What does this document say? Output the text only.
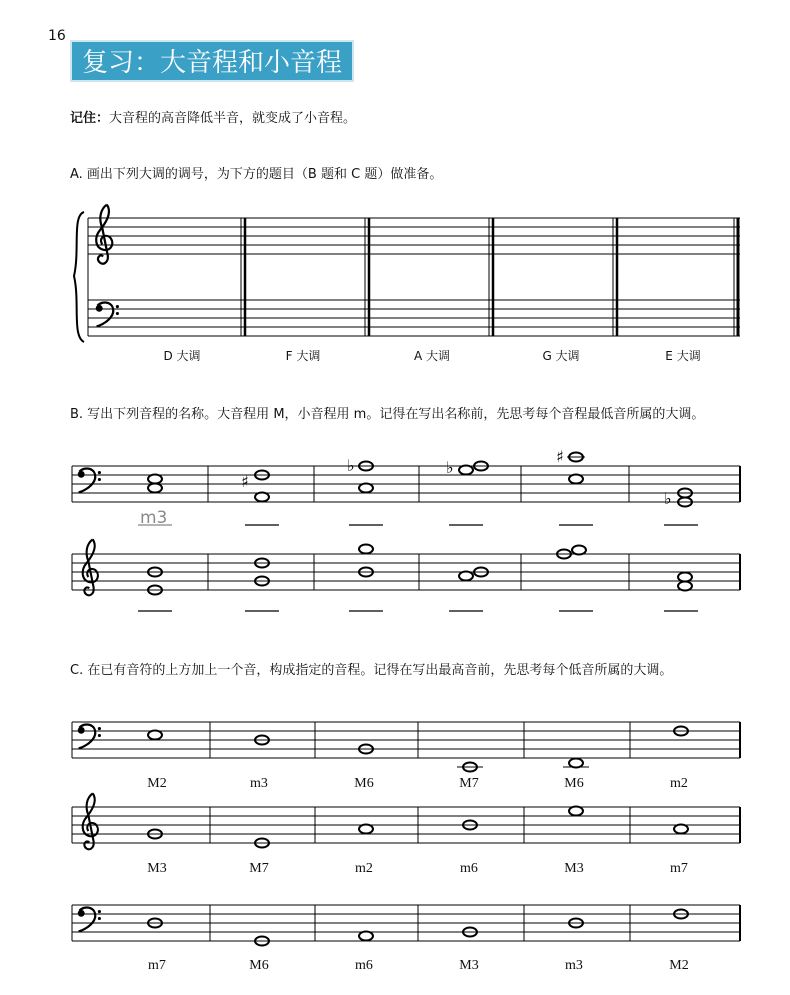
16
复习：大音程和小音程
记住：大音程的高音降低半音，就变成了小音程。
A. 画出下列大调的调号，为下方的题目（B 题和 C 题）做准备。
B. 写出下列音程的名称。大音程用 M，小音程用 m。记得在写出名称前，先思考每个音程最低音所属的大调。
C. 在已有音符的上方加上一个音，构成指定的音程。记得在写出最高音前，先思考每个低音所属的大调。
D 大调	F 大调	A 大调	G 大调	E 大调
m3
♯
♭	♭
♯
♭
M2	m3	M6	M7	M6	m2
M3	M7	m2	m6	M3	m7
m7	M6	m6	M3	m3	M2
